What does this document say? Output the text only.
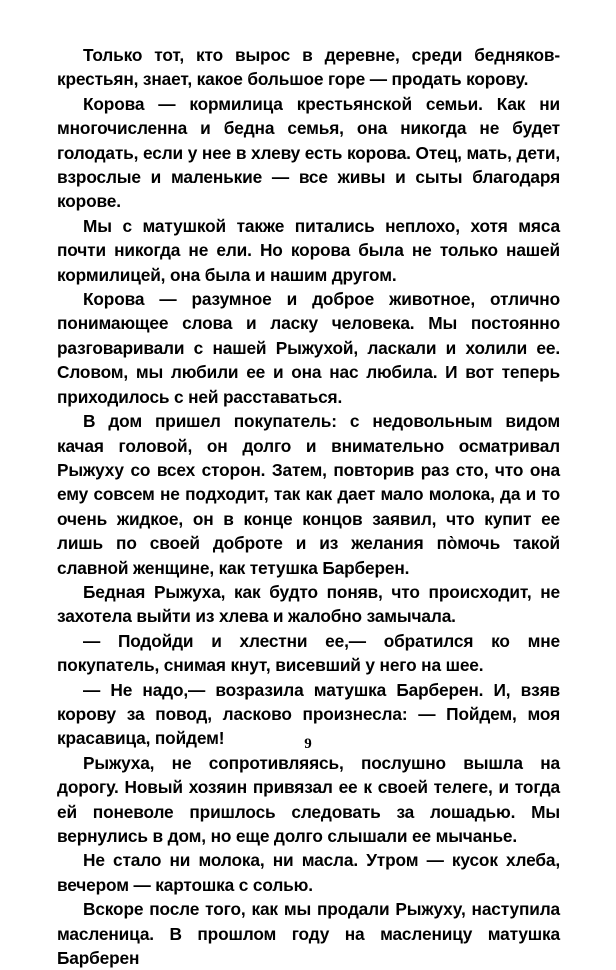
Только тот, кто вырос в деревне, среди бедняков-крестьян, знает, какое большое горе — продать корову.

Корова — кормилица крестьянской семьи. Как ни многочисленна и бедна семья, она никогда не будет голодать, если у нее в хлеву есть корова. Отец, мать, дети, взрослые и маленькие — все живы и сыты благодаря корове.

Мы с матушкой также питались неплохо, хотя мяса почти никогда не ели. Но корова была не только нашей кормилицей, она была и нашим другом.

Корова — разумное и доброе животное, отлично понимающее слова и ласку человека. Мы постоянно разговаривали с нашей Рыжухой, ласкали и холили ее. Словом, мы любили ее и она нас любила. И вот теперь приходилось с ней расставаться.

В дом пришел покупатель: с недовольным видом качая головой, он долго и внимательно осматривал Рыжуху со всех сторон. Затем, повторив раз сто, что она ему совсем не подходит, так как дает мало молока, да и то очень жидкое, он в конце концов заявил, что купит ее лишь по своей доброте и из желания по̀мочь такой славной женщине, как тетушка Барберен.

Бедная Рыжуха, как будто поняв, что происходит, не захотела выйти из хлева и жалобно замычала.

— Подойди и хлестни ее,— обратился ко мне покупатель, снимая кнут, висевший у него на шее.

— Не надо,— возразила матушка Барберен. И, взяв корову за повод, ласково произнесла: — Пойдем, моя красавица, пойдем!

Рыжуха, не сопротивляясь, послушно вышла на дорогу. Новый хозяин привязал ее к своей телеге, и тогда ей поневоле пришлось следовать за лошадью. Мы вернулись в дом, но еще долго слышали ее мычанье.

Не стало ни молока, ни масла. Утром — кусок хлеба, вечером — картошка с солью.

Вскоре после того, как мы продали Рыжуху, наступила масленица. В прошлом году на масленицу матушка Барберен

9
